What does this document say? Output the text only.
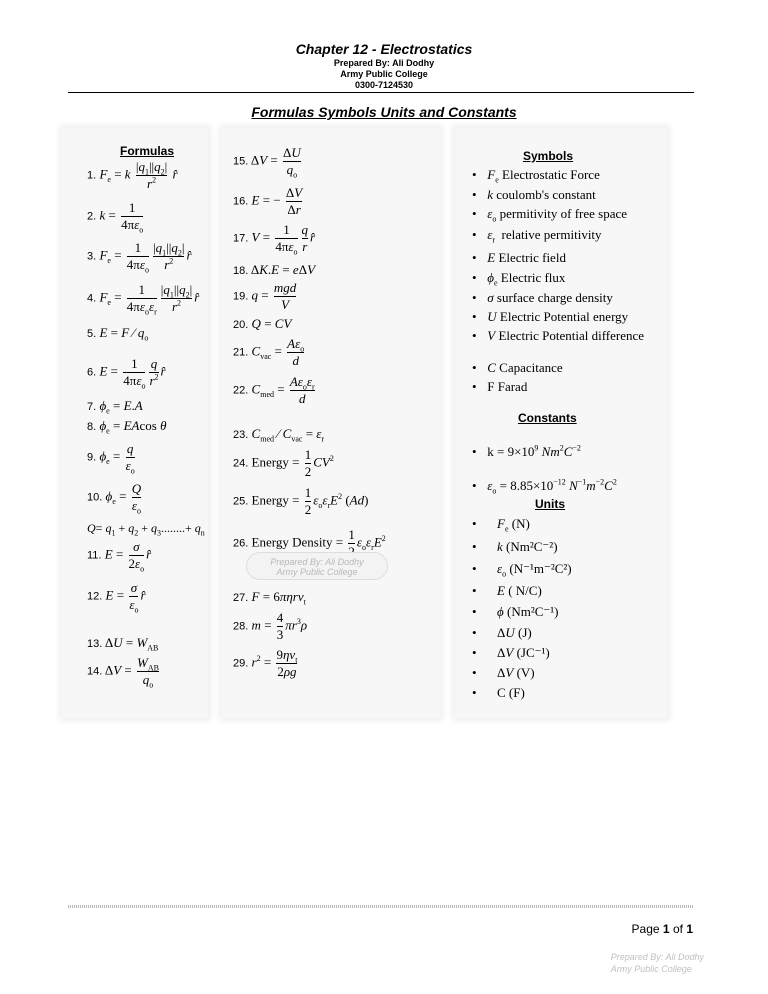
Chapter 12 - Electrostatics
Prepared By: Ali Dodhy
Army Public College
0300-7124530
Formulas Symbols Units and Constants
Formulas
1. $F_e = k \frac{|q_1||q_2|}{r^2}$ r̂
2. $k = \frac{1}{4\pi\varepsilon_o}$
3. $F_e = \frac{1}{4\pi\varepsilon_o} \frac{|q_1||q_2|}{r^2}$ r̂
4. $F_e = \frac{1}{4\pi\varepsilon_o\varepsilon_r} \frac{|q_1||q_2|}{r^2}$ r̂
5. E = F ⁄ $q_o$
6. $E = \frac{1}{4\pi\varepsilon_o} \frac{q}{r^2}$ r̂
7. $\phi_e = E.A$
8. $\phi_e = EAcos$ θ
9. $\phi_e = \frac{q}{\varepsilon_o}$
10. $\phi_e = \frac{Q}{\varepsilon_o}$
$Q= q_1 + q_2 + q_3........+ q_n$
11. $E = \frac{\sigma}{2\varepsilon_o}$ r̂
12. $E = \frac{\sigma}{\varepsilon_o}$ r̂
13. $\Delta U = W_{AB}$
14. $\Delta V = \frac{W_{AB}}{q_o}$
15. $\Delta V = \frac{\Delta U}{q_o}$
16. E = − $\frac{\Delta V}{\Delta r}$
17. $V = \frac{1}{4\pi\varepsilon_o} \frac{q}{r}$ r̂
18. ΔK.E = eΔV
19. $q = \frac{\text{mgd}}{V}$
20. Q = CV
21. $C_{vac} = \frac{A\varepsilon_o}{d}$
22. $C_{med} = \frac{A\varepsilon_o\varepsilon_r}{d}$
23. $C_{med}$ ⁄ $C_{vac} = \varepsilon_r$
24. Energy = $\frac{1}{2} CV^2$
25. Energy = $\frac{1}{2} \varepsilon_o\varepsilon_rE^2$ (Ad)
26. Energy Density = 1 $\varepsilon_o\varepsilon_rE^2$
Prepared By: Ali Dodhy
Army Public College
27. F = 6πηrv$_t$
28. $m = \frac{4}{3} \pi r^3\rho$
29. $r^2 = \frac{9\eta v_t}{2\rho g}$
Symbols
• $F_e$ Electrostatic Force
• k coulomb's constant
• $\varepsilon_o$ permitivity of free space
• $\varepsilon_r$ relative permitivity
• E Electric field
• $\phi_e$ Electric flux
• σ surface charge density
• U Electric Potential energy
• V Electric Potential difference
• C Capacitance
• F Farad
Constants
• $k = 9\times 10^9$ $Nm^2C^{-2}$
• $\varepsilon_o = 8.85\times 10^{-12}$ $N^{-1}m^{-2}C^2$
Units
• $F_e$ (N)
• k (Nm²C⁻²)
• $\varepsilon_o$ (N⁻¹m⁻²C²)
• E ( N/C)
• ϕ (Nm²C⁻¹)
•    ΔU (J)
•    ΔV (JC⁻¹)
•    ΔV (V)
• C (F)
Page 1 of 1
Prepared By: Ali Dodhy
Army Public College
